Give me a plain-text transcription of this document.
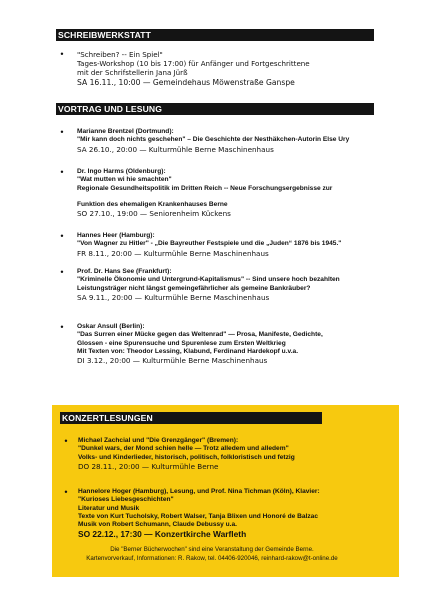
SCHREIBWERKSTATT
•	"Schreiben? -- Ein Spiel"
Tages-Workshop (10 bis 17:00) für Anfänger und Fortgeschrittene
mit der Schrifstellerin Jana Jürß
SA 16.11., 10:00 — Gemeindehaus Möwenstraße Ganspe
VORTRAG UND LESUNG
•	Marianne Brentzel (Dortmund):
"Mir kann doch nichts geschehen" – Die Geschichte der Nesthäkchen-Autorin Else Ury
SA 26.10., 20:00 — Kulturmühle Berne Maschinenhaus
•	Dr. Ingo Harms (Oldenburg):
"Wat mutten wi hie smachten"
Regionale Gesundheitspolitik im Dritten Reich -- Neue Forschungsergebnisse zur
Funktion des ehemaligen Krankenhauses Berne
SO 27.10., 19:00 — Seniorenheim Kückens
•	Hannes Heer (Hamburg):
"Von Wagner zu Hitler" - „Die Bayreuther Festspiele und die „Juden“ 1876 bis 1945."
FR 8.11., 20:00 — Kulturmühle Berne Maschinenhaus
•	Prof. Dr. Hans See (Frankfurt):
"Kriminelle Ökonomie und Untergrund-Kapitalismus" -- Sind unsere hoch bezahlten
Leistungsträger nicht längst gemeingefährlicher als gemeine Bankräuber?
SA 9.11., 20:00 — Kulturmühle Berne Maschinenhaus
•	Oskar Ansull (Berlin):
"Das Surren einer Mücke gegen das Weltenrad" — Prosa, Manifeste, Gedichte,
Glossen - eine Spurensuche und Spurenlese zum Ersten Weltkrieg
Mit Texten von: Theodor Lessing, Klabund, Ferdinand Hardekopf u.v.a.
DI 3.12., 20:00 — Kulturmühle Berne Maschinenhaus
KONZERTLESUNGEN
•	Michael Zachcial und "Die Grenzgänger" (Bremen):
"Dunkel wars, der Mond schien helle — Trotz alledem und alledem"
Volks- und Kinderlieder, historisch, politisch, folkloristisch und fetzig
DO 28.11., 20:00 — Kulturmühle Berne
•	Hannelore Hoger (Hamburg), Lesung, und Prof. Nina Tichman (Köln), Klavier:
"Kurioses Liebesgeschichten"
Literatur und Musik
Texte von Kurt Tucholsky, Robert Walser, Tanja Blixen und Honoré de Balzac
Musik von Robert Schumann, Claude Debussy u.a.
SO 22.12., 17:30 — Konzertkirche Warfleth
Die "Berner Bücherwochen" sind eine Veranstaltung der Gemeinde Berne.
Kartenvorverkauf, Informationen: R. Rakow, tel. 04406-920046, reinhard-rakow@t-online.de
